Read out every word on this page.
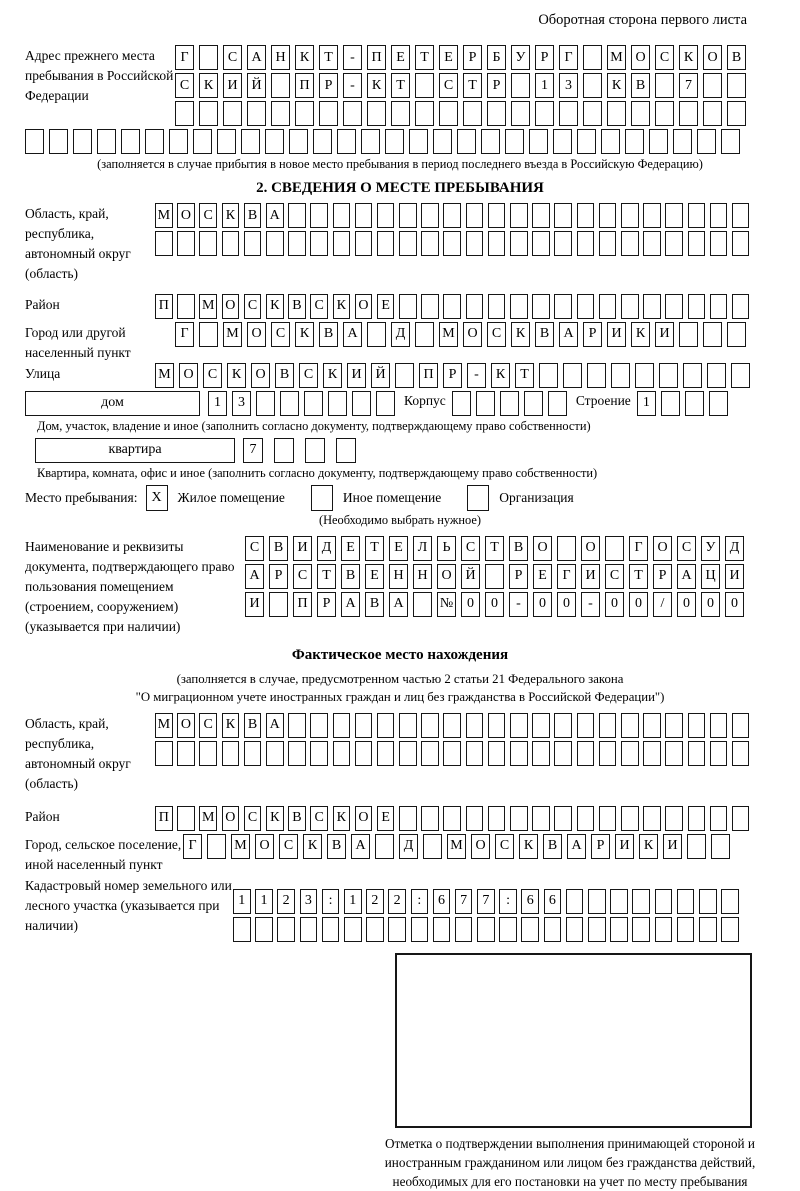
Оборотная сторона первого листа
Адрес прежнего места пребывания в Российской Федерации
Г	С	А Н	К	Т	-	П	Е	Т	Е	Р	Б	У	Р	Г	М О	С	К	О	В
С	К	И Й	П	Р	-	К	Т	С	Т	Р	1	3	К	В	7
(заполняется в случае прибытия в новое место пребывания в период последнего въезда в Российскую Федерацию)
2. СВЕДЕНИЯ О МЕСТЕ ПРЕБЫВАНИЯ
Область, край, республика, автономный округ (область)
М О С К В А
Район	П М О С К В С К О Е
Город или другой населенный пункт
Г	М О	С	К	В	А	Д	М О	С	К	В	А	Р	И	К	И
Улица	М О	С	К	О	В	С	К	И Й	П	Р	-	К	Т
дом	1	3	Корпус	Строение 1
Дом, участок, владение и иное (заполнить согласно документу, подтверждающему право собственности)
квартира	7
Квартира, комната, офис и иное (заполнить согласно документу, подтверждающему право собственности)
Место пребывания: X	Жилое помещение	Иное помещение	Организация
(Необходимо выбрать нужное)
Наименование и реквизиты документа, подтверждающего право пользования помещением (строением, сооружением) (указывается при наличии)
С	В	И	Д	Е	Т	Е	Л	Ь	С	Т	В	О	О	Г	О	С	У	Д
А	Р	С	Т	В	Е	Н Н О Й	Р	Е	Г	И	С	Т	Р	А Ц И
И	П	Р	А	В	А	№ 0	0	-	0	0	-	0	0	/	0	0	0
Фактическое место нахождения
(заполняется в случае, предусмотренном частью 2 статьи 21 Федерального закона
"О миграционном учете иностранных граждан и лиц без гражданства в Российской Федерации")
Область, край, республика, автономный округ (область)
М О С К В А
Район	П М О С К В С К О Е
Город, сельское поселение, иной населенный пункт
Г	М О	С	К	В	А	Д	М О	С	К	В	А	Р	И	К	И
Кадастровый номер земельного или лесного участка (указывается при наличии)
1	1	2	3	:	1	2	2	:	6	7	7	:	6	6
Отметка о подтверждении выполнения принимающей стороной и иностранным гражданином или лицом без гражданства действий, необходимых для его постановки на учет по месту пребывания
